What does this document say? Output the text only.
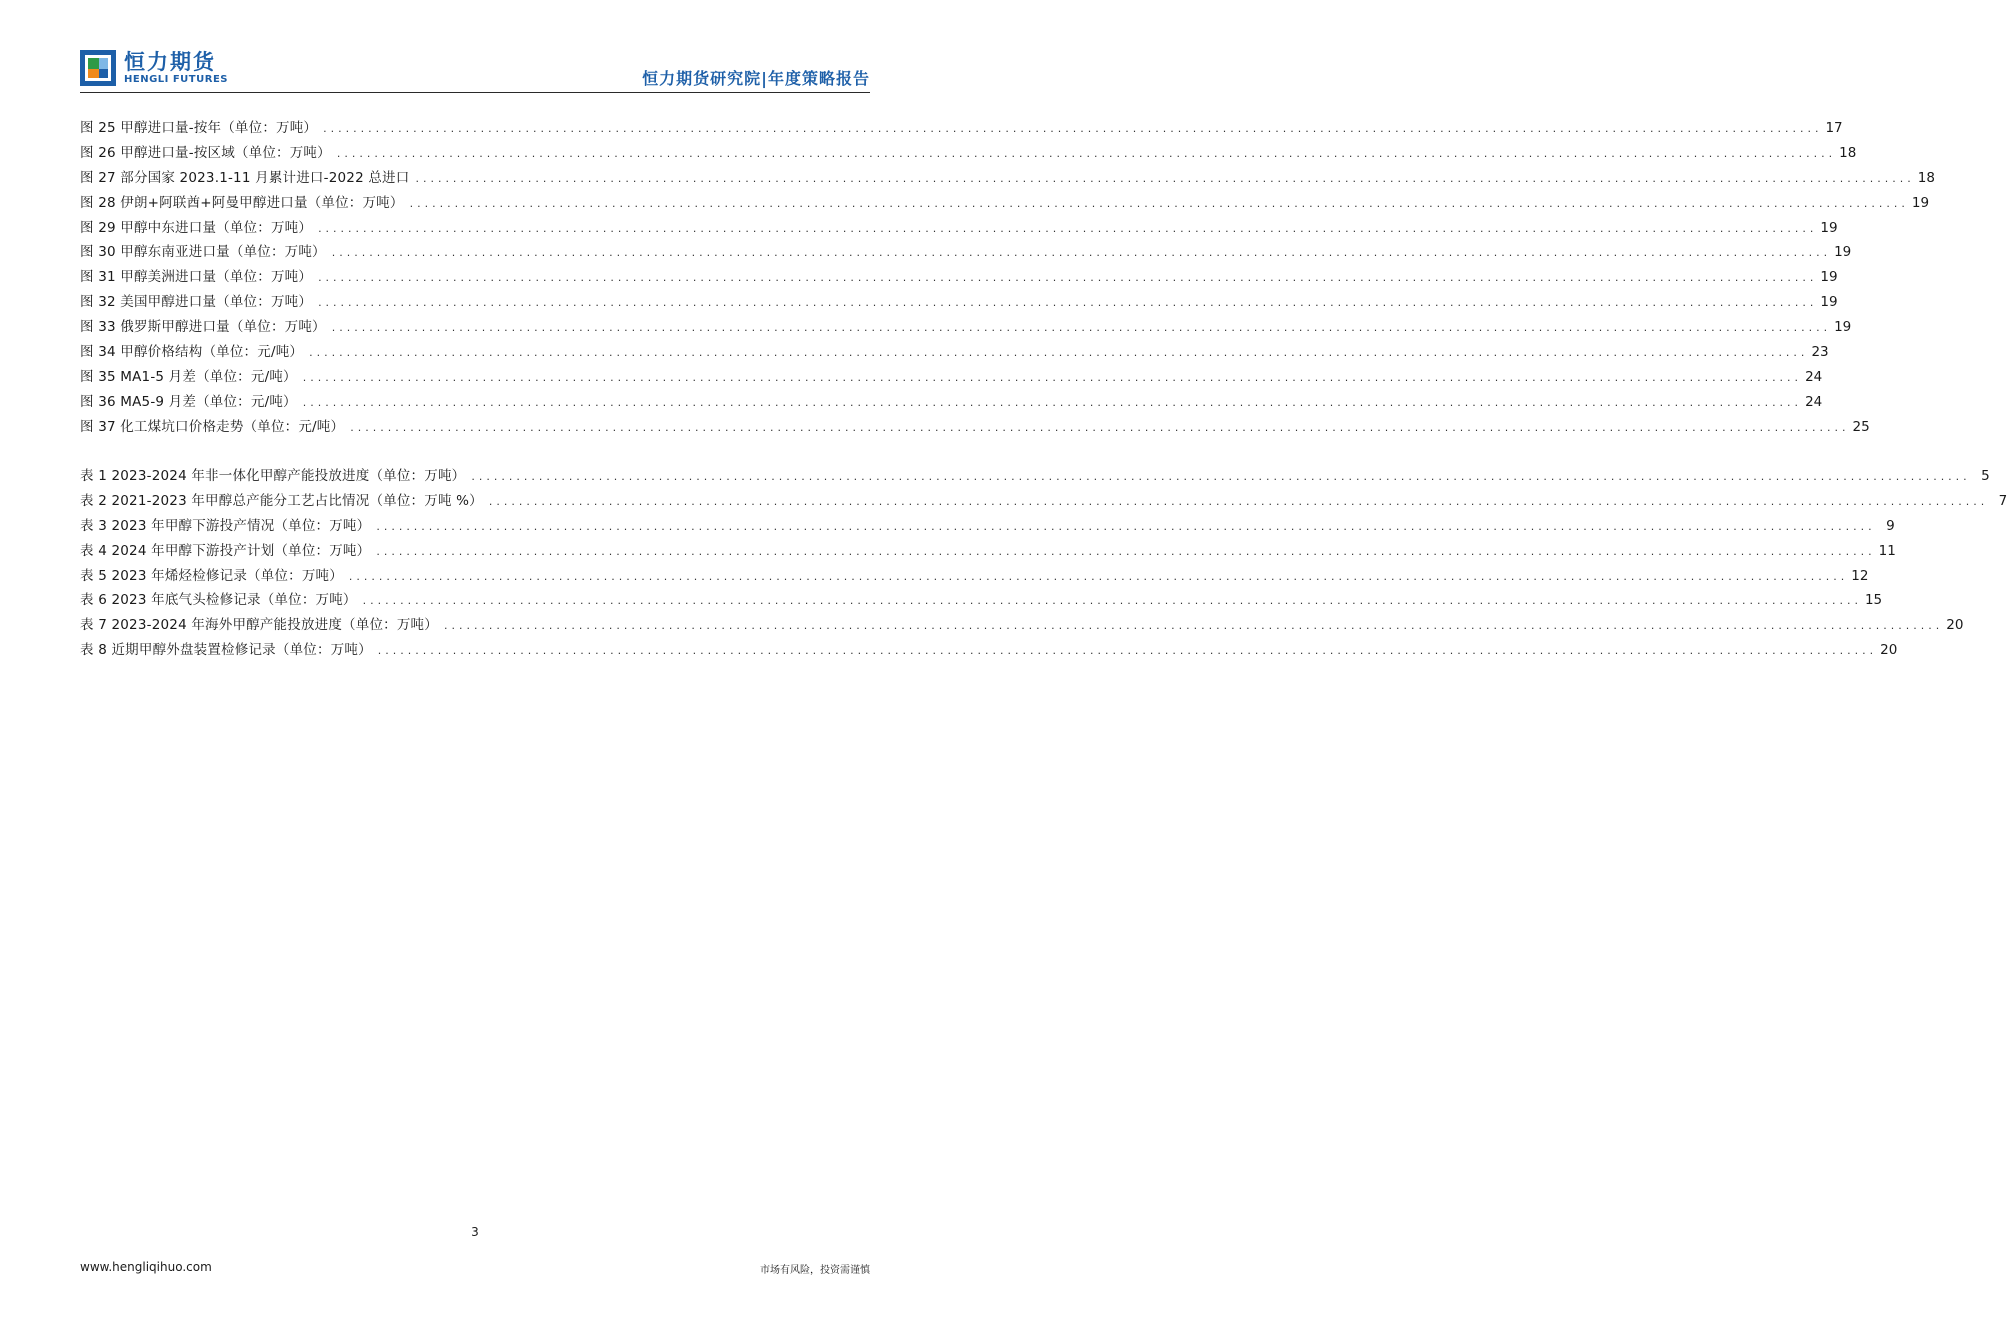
恒力期货
HENGLI FUTURES	恒力期货研究院|年度策略报告
图 25 甲醇进口量-按年（单位：万吨） ........................................................................................................................................................................................................ 17
图 26 甲醇进口量-按区域（单位：万吨） ........................................................................................................................................................................................................ 18
图 27 部分国家 2023.1-11 月累计进口-2022 总进口 ........................................................................................................................................................................................................ 18
图 28 伊朗+阿联酋+阿曼甲醇进口量（单位：万吨） ........................................................................................................................................................................................................ 19
图 29 甲醇中东进口量（单位：万吨） ........................................................................................................................................................................................................ 19
图 30 甲醇东南亚进口量（单位：万吨） ........................................................................................................................................................................................................ 19
图 31 甲醇美洲进口量（单位：万吨） ........................................................................................................................................................................................................ 19
图 32 美国甲醇进口量（单位：万吨） ........................................................................................................................................................................................................ 19
图 33 俄罗斯甲醇进口量（单位：万吨） ........................................................................................................................................................................................................ 19
图 34 甲醇价格结构（单位：元/吨） ........................................................................................................................................................................................................ 23
图 35 MA1-5 月差（单位：元/吨） ........................................................................................................................................................................................................ 24
图 36 MA5-9 月差（单位：元/吨） ........................................................................................................................................................................................................ 24
图 37 化工煤坑口价格走势（单位：元/吨） ........................................................................................................................................................................................................ 25
表 1 2023-2024 年非一体化甲醇产能投放进度（单位：万吨） ........................................................................................................................................................................................................ 5
表 2 2021-2023 年甲醇总产能分工艺占比情况（单位：万吨 %） ........................................................................................................................................................................................................ 7
表 3 2023 年甲醇下游投产情况（单位：万吨） ........................................................................................................................................................................................................ 9
表 4 2024 年甲醇下游投产计划（单位：万吨） ........................................................................................................................................................................................................ 11
表 5 2023 年烯烃检修记录（单位：万吨） ........................................................................................................................................................................................................ 12
表 6 2023 年底气头检修记录（单位：万吨） ........................................................................................................................................................................................................ 15
表 7 2023-2024 年海外甲醇产能投放进度（单位：万吨） ........................................................................................................................................................................................................ 20
表 8 近期甲醇外盘装置检修记录（单位：万吨） ........................................................................................................................................................................................................ 20
3
www.hengliqihuo.com	市场有风险，投资需谨慎
